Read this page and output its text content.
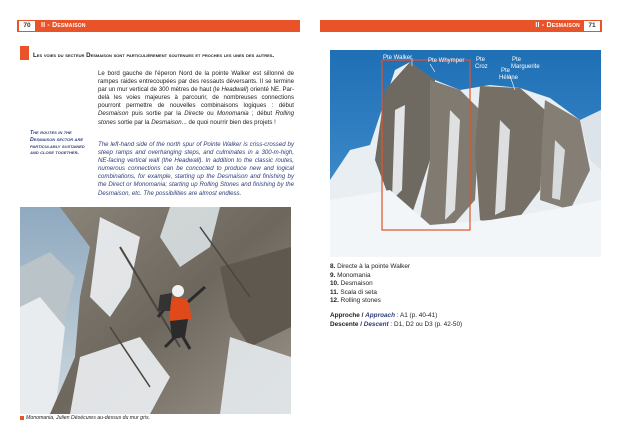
70	II - Desmaison	II - Desmaison	71
Les voies du secteur Desmaison sont particulièrement soutenues et proches les unes des autres.
Le bord gauche de l'éperon Nord de la pointe Walker est sillonné de rampes raides entrecoupées par des ressauts déversants. Il se termine par un mur vertical de 300 mètres de haut (le Headwall) orienté NE. Par-delà les voies majeures à parcourir, de nombreuses connections pourront permettre de nouvelles combinaisons logiques : début Desmaison puis sortie par la Directe ou Monomania ; début Rolling stones sortie par la Desmaison... de quoi nourrir bien des projets !
The routes in the Desmaison sector are particularly sustained and close together.
The left-hand side of the north spur of Pointe Walker is criss-crossed by steep ramps and overhanging steps, and culminates in a 300-m-high, NE-facing vertical wall (the Headwall). In addition to the classic routes, numerous connections can be concocted to produce new and logical combinations, for example, starting up the Desmaison and finishing by the Direct or Monomania; starting up Rolling Stones and finishing by the Desmaison, etc. The possibilities are almost endless.
Monomania, Julien Désécures au-dessus du mur gris.
Pte Walker	Pte Whymper Pte
Croz
Pte
Hélène
Pte
Marguerite
8. Directe à la pointe Walker
9. Monomania
10. Desmaison
11. Scala di seta
12. Rolling stones
Approche / Approach : A1 (p. 40-41)
Descente / Descent : D1, D2 ou D3 (p. 42-50)
